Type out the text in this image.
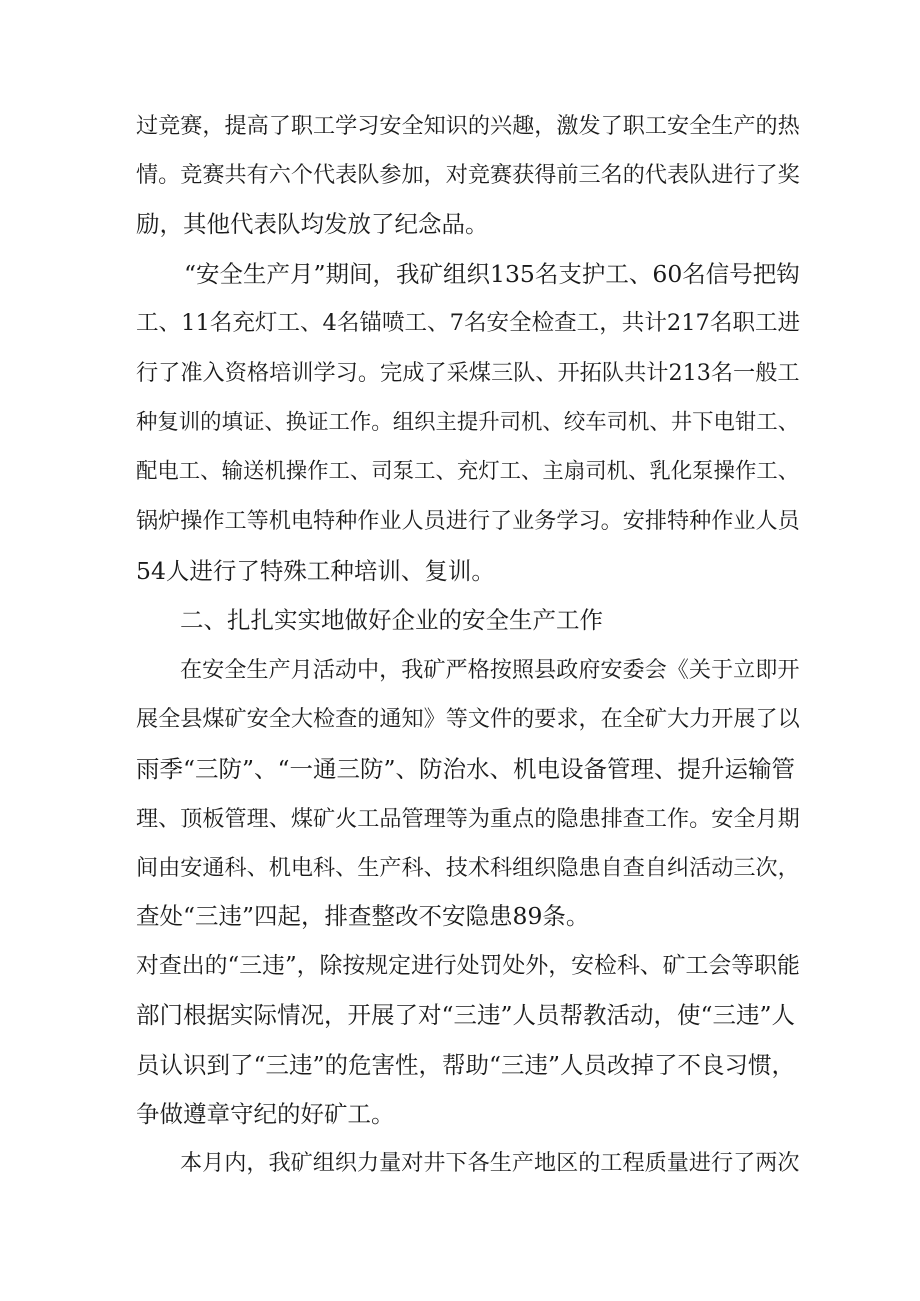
过竞赛，提高了职工学习安全知识的兴趣，激发了职工安全生产的热
情。竞赛共有六个代表队参加，对竞赛获得前三名的代表队进行了奖
励，其他代表队均发放了纪念品。
“安全生产月”期间，我矿组织135名支护工、60名信号把钩
工、11名充灯工、4名锚喷工、7名安全检查工，共计217名职工进
行了准入资格培训学习。完成了采煤三队、开拓队共计213名一般工
种复训的填证、换证工作。组织主提升司机、绞车司机、井下电钳工、
配电工、输送机操作工、司泵工、充灯工、主扇司机、乳化泵操作工、
锅炉操作工等机电特种作业人员进行了业务学习。安排特种作业人员
54人进行了特殊工种培训、复训。
二、扎扎实实地做好企业的安全生产工作
在安全生产月活动中，我矿严格按照县政府安委会《关于立即开
展全县煤矿安全大检查的通知》等文件的要求，在全矿大力开展了以
雨季“三防”、“一通三防”、防治水、机电设备管理、提升运输管
理、顶板管理、煤矿火工品管理等为重点的隐患排查工作。安全月期
间由安通科、机电科、生产科、技术科组织隐患自查自纠活动三次，
查处“三违”四起，排查整改不安隐患89条。
对查出的“三违”，除按规定进行处罚处外，安检科、矿工会等职能
部门根据实际情况，开展了对“三违”人员帮教活动，使“三违”人
员认识到了“三违”的危害性，帮助“三违”人员改掉了不良习惯，
争做遵章守纪的好矿工。
本月内，我矿组织力量对井下各生产地区的工程质量进行了两次
